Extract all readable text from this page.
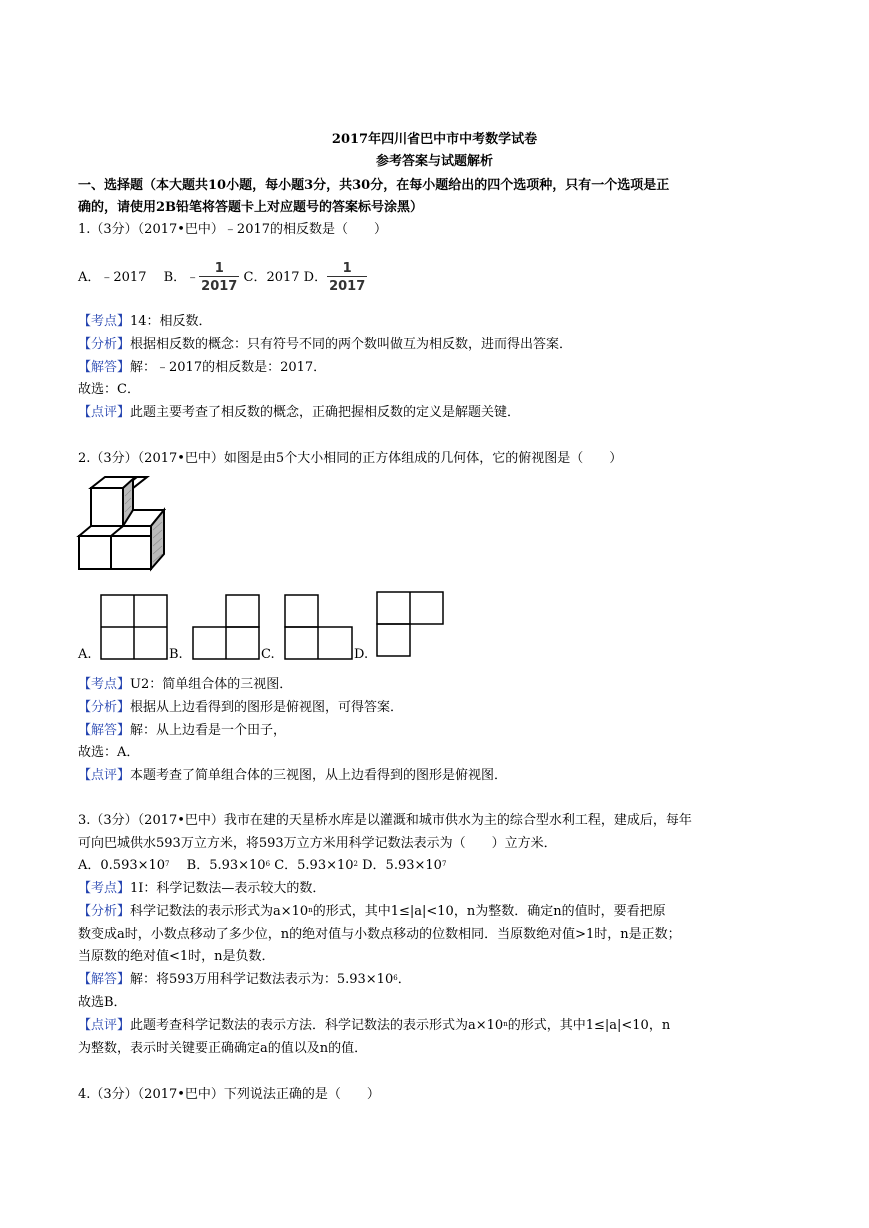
2017年四川省巴中市中考数学试卷
参考答案与试题解析
一、选择题（本大题共10小题，每小题3分，共30分，在每小题给出的四个选项种，只有一个选项是正
确的，请使用2B铅笔将答题卡上对应题号的答案标号涂黑）
1.（3分）（2017•巴中）﹣2017的相反数是（　　）
A．﹣2017　 B．﹣ $\frac{1}{2017}$ C．2017 D． $\frac{1}{2017}$
【考点】14：相反数．
【分析】根据相反数的概念：只有符号不同的两个数叫做互为相反数，进而得出答案．
【解答】解：﹣2017的相反数是：2017．
故选：C．
【点评】此题主要考查了相反数的概念，正确把握相反数的定义是解题关键．
2.（3分）（2017•巴中）如图是由5个大小相同的正方体组成的几何体，它的俯视图是（　　）
A.	B.	C.	D.
【考点】U2：简单组合体的三视图．
【分析】根据从上边看得到的图形是俯视图，可得答案．
【解答】解：从上边看是一个田子，
故选：A．
【点评】本题考查了简单组合体的三视图，从上边看得到的图形是俯视图．
3.（3分）（2017•巴中）我市在建的天星桥水库是以灌溉和城市供水为主的综合型水利工程，建成后，每年
可向巴城供水593万立方米，将593万立方米用科学记数法表示为（　　）立方米．
A．$0.593\times 10^7$　 B．$5.93\times 10^6$ C．$5.93\times 10^2$ D．$5.93\times 10^7$
【考点】1I：科学记数法—表示较大的数．
【分析】科学记数法的表示形式为$a\times 10^n$的形式，其中1≤|a|<10，n为整数．确定n的值时，要看把原
数变成a时，小数点移动了多少位，n的绝对值与小数点移动的位数相同．当原数绝对值>1时，n是正数；
当原数的绝对值<1时，n是负数．
【解答】解：将593万用科学记数法表示为：$5.93\times 10^6$．
故选B．
【点评】此题考查科学记数法的表示方法．科学记数法的表示形式为$a\times 10^n$的形式，其中1≤|a|<10，n
为整数，表示时关键要正确确定a的值以及n的值．
4.（3分）（2017•巴中）下列说法正确的是（　　）
